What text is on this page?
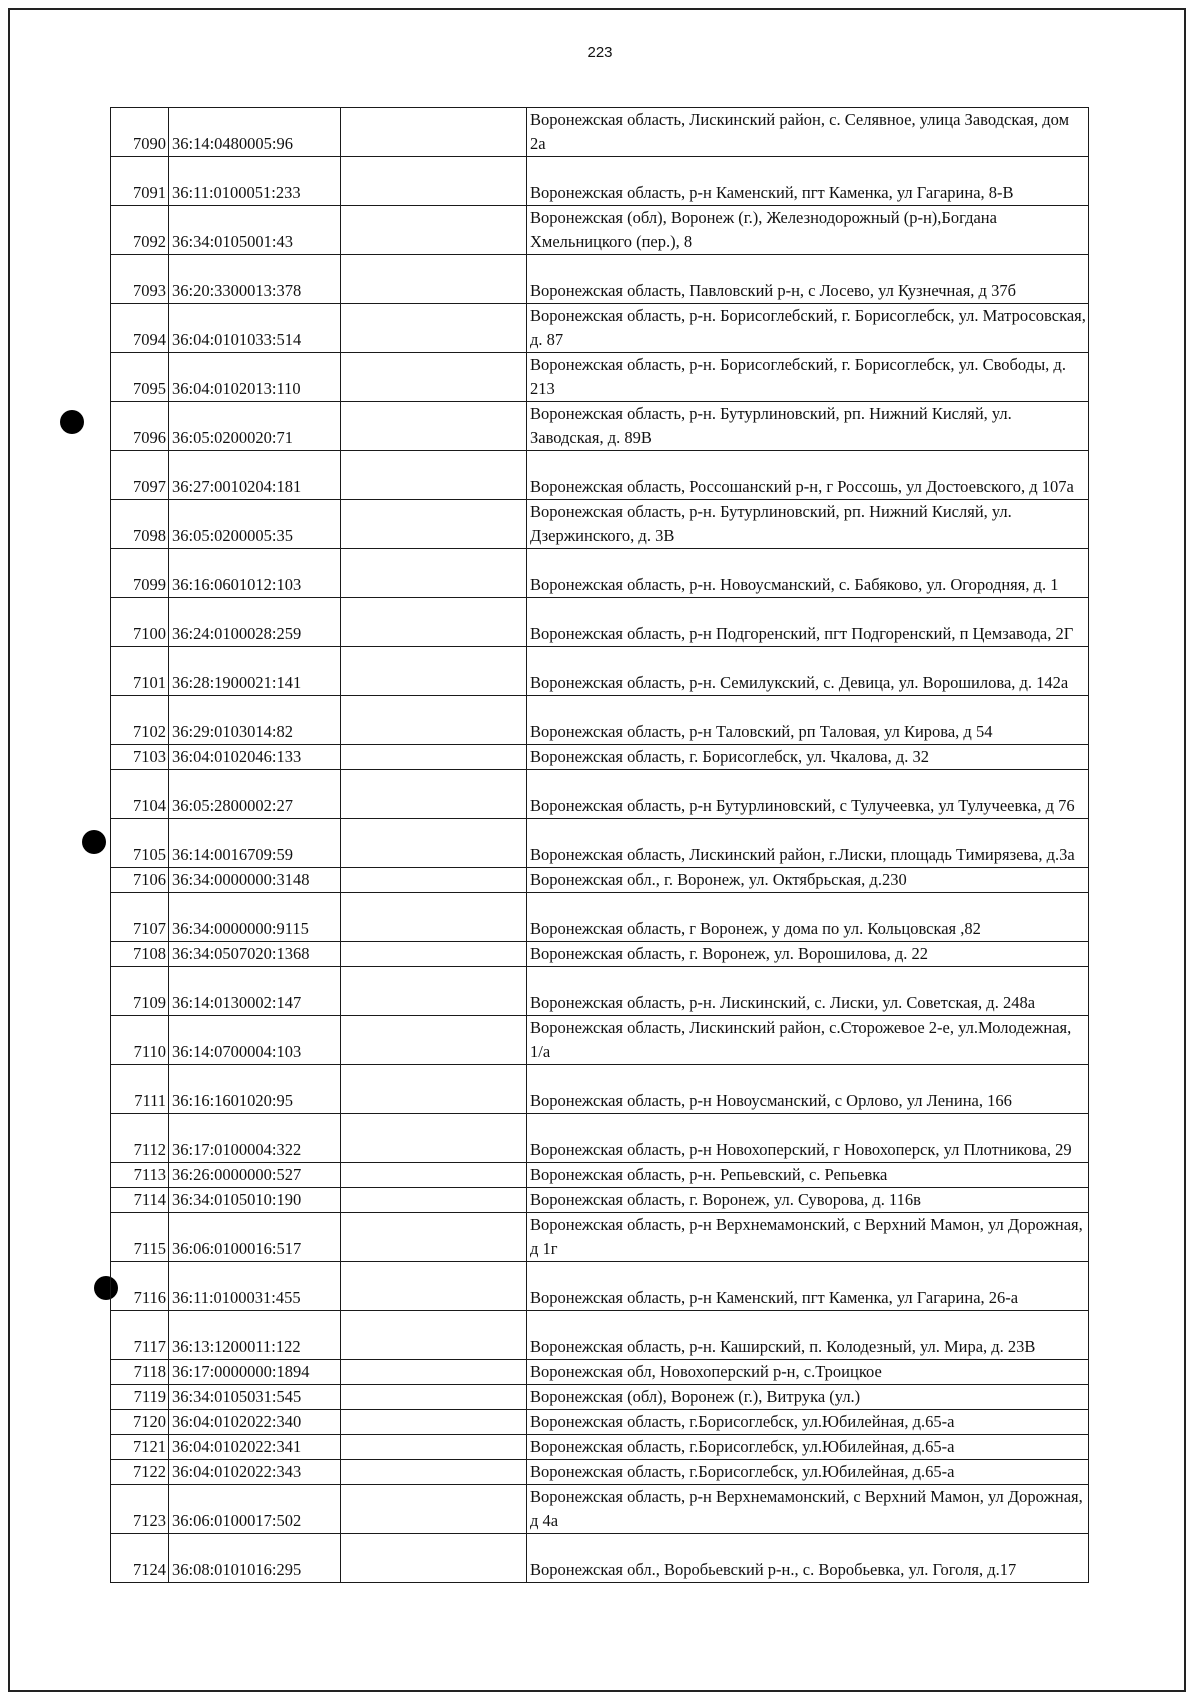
223
7090	36:14:0480005:96		Воронежская область, Лискинский район, с. Селявное, улица Заводская, дом 2а
7091	36:11:0100051:233		Воронежская область, р-н Каменский, пгт Каменка, ул Гагарина, 8-В
7092	36:34:0105001:43		Воронежская (обл), Воронеж (г.), Железнодорожный (р-н),Богдана Хмельницкого (пер.), 8
7093	36:20:3300013:378		Воронежская область, Павловский р-н, с Лосево, ул Кузнечная, д 37б
7094	36:04:0101033:514		Воронежская область, р-н. Борисоглебский, г. Борисоглебск, ул. Матросовская, д. 87
7095	36:04:0102013:110		Воронежская область, р-н. Борисоглебский, г. Борисоглебск, ул. Свободы, д. 213
7096	36:05:0200020:71		Воронежская область, р-н. Бутурлиновский, рп. Нижний Кисляй, ул. Заводская, д. 89В
7097	36:27:0010204:181		Воронежская область, Россошанский р-н, г Россошь, ул Достоевского, д 107а
7098	36:05:0200005:35		Воронежская область, р-н. Бутурлиновский, рп. Нижний Кисляй, ул. Дзержинского, д. 3В
7099	36:16:0601012:103		Воронежская область, р-н. Новоусманский, с. Бабяково, ул. Огородняя, д. 1
7100	36:24:0100028:259		Воронежская область, р-н Подгоренский, пгт Подгоренский, п Цемзавода, 2Г
7101	36:28:1900021:141		Воронежская область, р-н. Семилукский, с. Девица, ул. Ворошилова, д. 142а
7102	36:29:0103014:82		Воронежская область, р-н Таловский, рп Таловая, ул Кирова, д 54
7103	36:04:0102046:133		Воронежская область, г. Борисоглебск, ул. Чкалова, д. 32
7104	36:05:2800002:27		Воронежская область, р-н Бутурлиновский, с Тулучеевка, ул Тулучеевка, д 76
7105	36:14:0016709:59		Воронежская область, Лискинский район, г.Лиски, площадь Тимирязева, д.3а
7106	36:34:0000000:3148		Воронежская обл., г. Воронеж, ул. Октябрьская, д.230
7107	36:34:0000000:9115		Воронежская область, г Воронеж, у дома по ул. Кольцовская ,82
7108	36:34:0507020:1368		Воронежская область, г. Воронеж, ул. Ворошилова, д. 22
7109	36:14:0130002:147		Воронежская область, р-н. Лискинский, с. Лиски, ул. Советская, д. 248а
7110	36:14:0700004:103		Воронежская область, Лискинский район, с.Сторожевое 2-е, ул.Молодежная, 1/а
7111	36:16:1601020:95		Воронежская область, р-н Новоусманский, с Орлово, ул Ленина, 166
7112	36:17:0100004:322		Воронежская область, р-н Новохоперский, г Новохоперск, ул Плотникова, 29
7113	36:26:0000000:527		Воронежская область, р-н. Репьевский, с. Репьевка
7114	36:34:0105010:190		Воронежская область, г. Воронеж, ул. Суворова, д. 116в
7115	36:06:0100016:517		Воронежская область, р-н Верхнемамонский, с Верхний Мамон, ул Дорожная, д 1г
7116	36:11:0100031:455		Воронежская область, р-н Каменский, пгт Каменка, ул Гагарина, 26-а
7117	36:13:1200011:122		Воронежская область, р-н. Каширский, п. Колодезный, ул. Мира, д. 23В
7118	36:17:0000000:1894		Воронежская обл, Новохоперский р-н, с.Троицкое
7119	36:34:0105031:545		Воронежская (обл), Воронеж (г.), Витрука (ул.)
7120	36:04:0102022:340		Воронежская область, г.Борисоглебск, ул.Юбилейная, д.65-а
7121	36:04:0102022:341		Воронежская область, г.Борисоглебск, ул.Юбилейная, д.65-а
7122	36:04:0102022:343		Воронежская область, г.Борисоглебск, ул.Юбилейная, д.65-а
7123	36:06:0100017:502		Воронежская область, р-н Верхнемамонский, с Верхний Мамон, ул Дорожная, д 4а
7124	36:08:0101016:295		Воронежская обл., Воробьевский р-н., с. Воробьевка, ул. Гоголя, д.17
